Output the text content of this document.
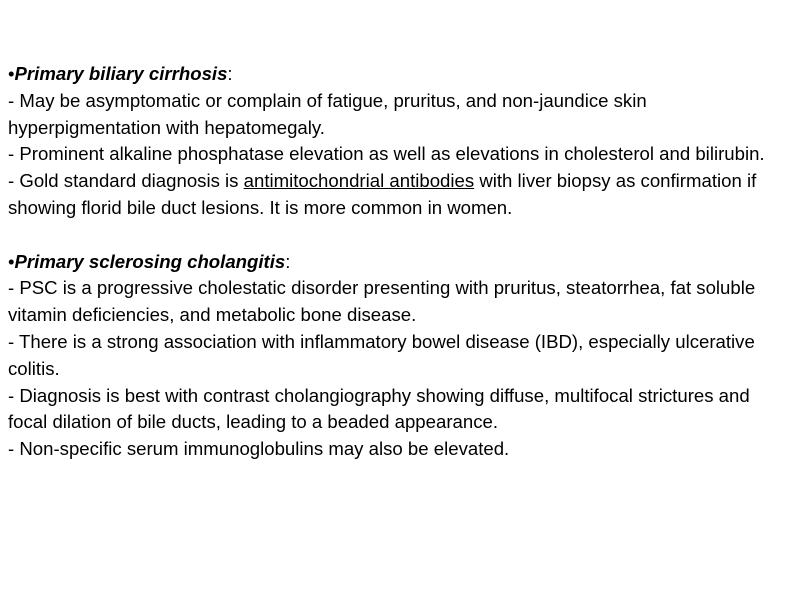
•Primary biliary cirrhosis:

- May be asymptomatic or complain of fatigue, pruritus, and non-jaundice skin hyperpigmentation with hepatomegaly.

- Prominent alkaline phosphatase elevation as well as elevations in cholesterol and bilirubin.

- Gold standard diagnosis is antimitochondrial antibodies with liver biopsy as confirmation if showing florid bile duct lesions. It is more common in women.

•Primary sclerosing cholangitis:

- PSC is a progressive cholestatic disorder presenting with pruritus, steatorrhea, fat soluble vitamin deficiencies, and metabolic bone disease.

- There is a strong association with inflammatory bowel disease (IBD), especially ulcerative colitis.

- Diagnosis is best with contrast cholangiography showing diffuse, multifocal strictures and focal dilation of bile ducts, leading to a beaded appearance.

- Non-specific serum immunoglobulins may also be elevated.
